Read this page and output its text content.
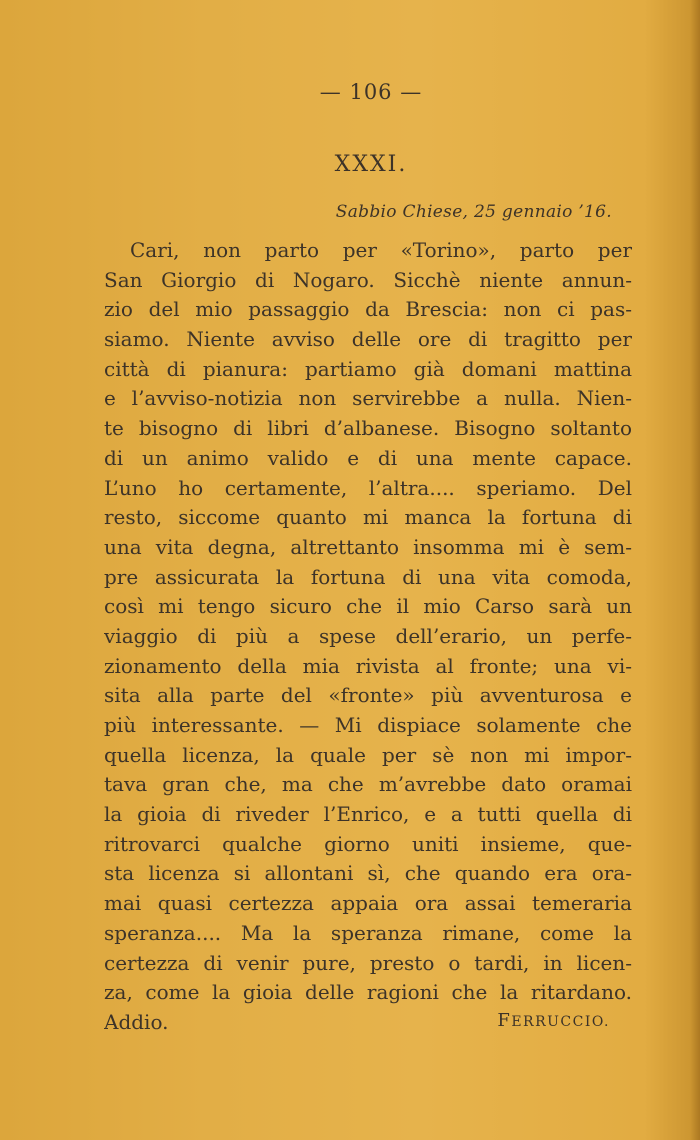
— 106 —
XXXI.
Sabbio Chiese, 25 gennaio ’16.
Cari, non parto per «Torino», parto per
San Giorgio di Nogaro. Sicchè niente annun-
zio del mio passaggio da Brescia: non ci pas-
siamo. Niente avviso delle ore di tragitto per
città di pianura: partiamo già domani mattina
e l’avviso-notizia non servirebbe a nulla. Nien-
te bisogno di libri d’albanese. Bisogno soltanto
di un animo valido e di una mente capace.
L’uno ho certamente, l’altra.... speriamo. Del
resto, siccome quanto mi manca la fortuna di
una vita degna, altrettanto insomma mi è sem-
pre assicurata la fortuna di una vita comoda,
così mi tengo sicuro che il mio Carso sarà un
viaggio di più a spese dell’erario, un perfe-
zionamento della mia rivista al fronte; una vi-
sita alla parte del «fronte» più avventurosa e
più interessante. — Mi dispiace solamente che
quella licenza, la quale per sè non mi impor-
tava gran che, ma che m’avrebbe dato oramai
la gioia di riveder l’Enrico, e a tutti quella di
ritrovarci qualche giorno uniti insieme, que-
sta licenza si allontani sì, che quando era ora-
mai quasi certezza appaia ora assai temeraria
speranza.... Ma la speranza rimane, come la
certezza di venir pure, presto o tardi, in licen-
za, come la gioia delle ragioni che la ritardano.
Addio.	FERRUCCIO.
